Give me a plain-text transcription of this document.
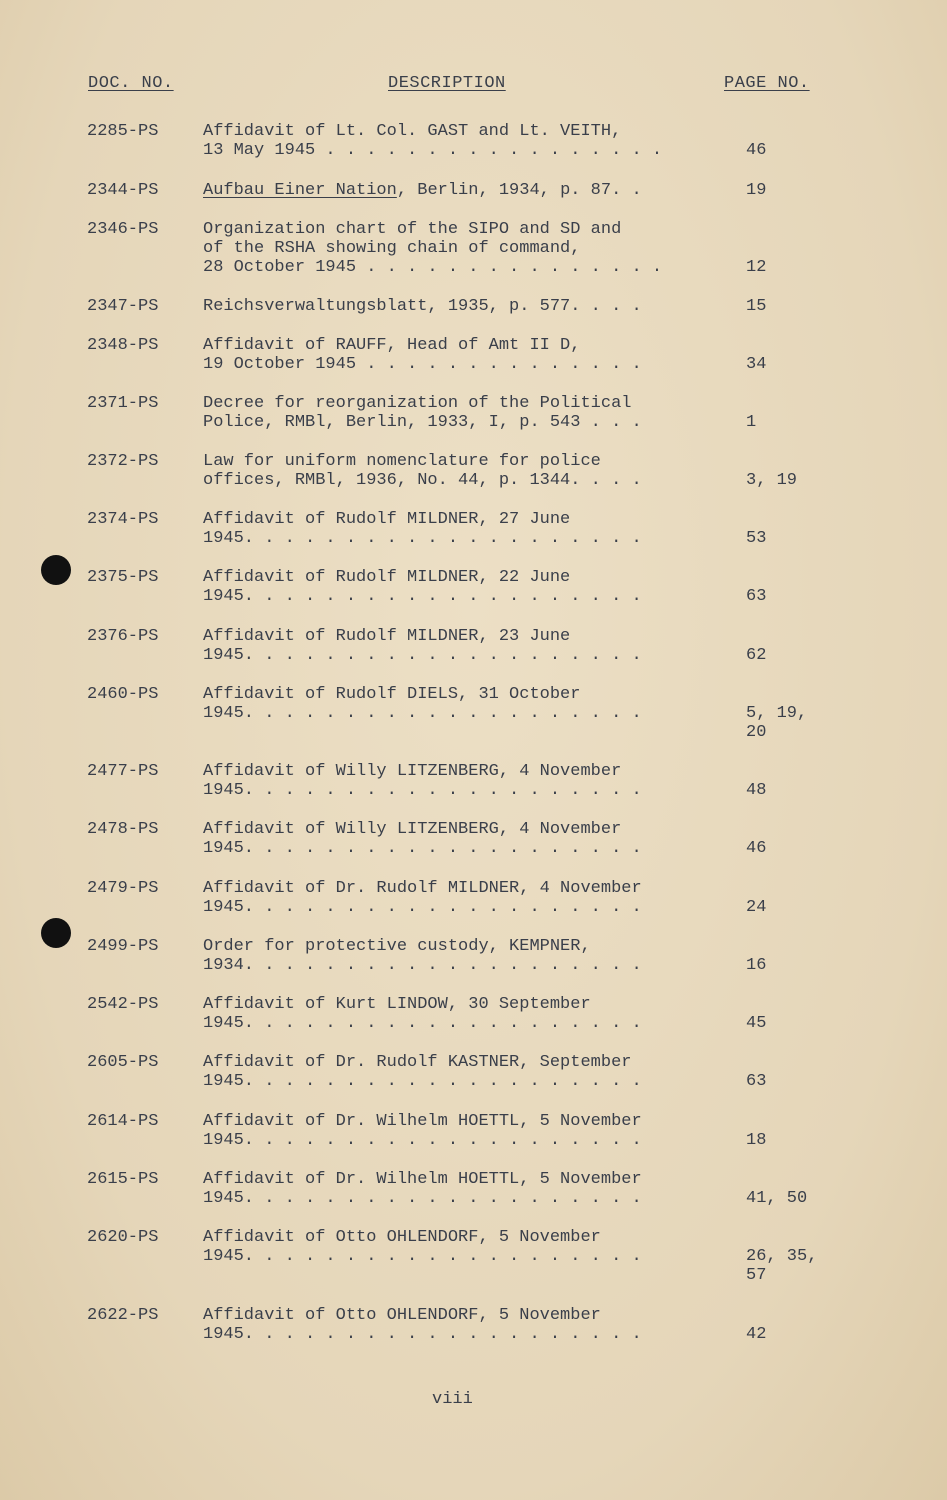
DOC. NO.	DESCRIPTION	PAGE NO.
2285-PS	Affidavit of Lt. Col. GAST and Lt. VEITH,
13 May 1945 . . . . . . . . . . . . . . . . .
	46
2344-PS	Aufbau Einer Nation, Berlin, 1934, p. 87. .	19
2346-PS	Organization chart of the SIPO and SD and
of the RSHA showing chain of command,
28 October 1945 . . . . . . . . . . . . . . .

	12
2347-PS	Reichsverwaltungsblatt, 1935, p. 577. . . .	15
2348-PS	Affidavit of RAUFF, Head of Amt II D,
19 October 1945 . . . . . . . . . . . . . .
	34
2371-PS	Decree for reorganization of the Political
Police, RMBl, Berlin, 1933, I, p. 543 . . .
	1
2372-PS	Law for uniform nomenclature for police
offices, RMBl, 1936, No. 44, p. 1344. . . .
	3, 19
2374-PS	Affidavit of Rudolf MILDNER, 27 June
1945. . . . . . . . . . . . . . . . . . . .
	53
2375-PS	Affidavit of Rudolf MILDNER, 22 June
1945. . . . . . . . . . . . . . . . . . . .
	63
2376-PS	Affidavit of Rudolf MILDNER, 23 June
1945. . . . . . . . . . . . . . . . . . . .
	62
2460-PS	Affidavit of Rudolf DIELS, 31 October
1945. . . . . . . . . . . . . . . . . . . .
	5, 19,
20
2477-PS	Affidavit of Willy LITZENBERG, 4 November
1945. . . . . . . . . . . . . . . . . . . .
	48
2478-PS	Affidavit of Willy LITZENBERG, 4 November
1945. . . . . . . . . . . . . . . . . . . .
	46
2479-PS	Affidavit of Dr. Rudolf MILDNER, 4 November
1945. . . . . . . . . . . . . . . . . . . .
	24
2499-PS	Order for protective custody, KEMPNER,
1934. . . . . . . . . . . . . . . . . . . .
	16
2542-PS	Affidavit of Kurt LINDOW, 30 September
1945. . . . . . . . . . . . . . . . . . . .
	45
2605-PS	Affidavit of Dr. Rudolf KASTNER, September
1945. . . . . . . . . . . . . . . . . . . .
	63
2614-PS	Affidavit of Dr. Wilhelm HOETTL, 5 November
1945. . . . . . . . . . . . . . . . . . . .
	18
2615-PS	Affidavit of Dr. Wilhelm HOETTL, 5 November
1945. . . . . . . . . . . . . . . . . . . .
	41, 50
2620-PS	Affidavit of Otto OHLENDORF, 5 November
1945. . . . . . . . . . . . . . . . . . . .
	26, 35,
57
2622-PS	Affidavit of Otto OHLENDORF, 5 November
1945. . . . . . . . . . . . . . . . . . . .
	42
viii
